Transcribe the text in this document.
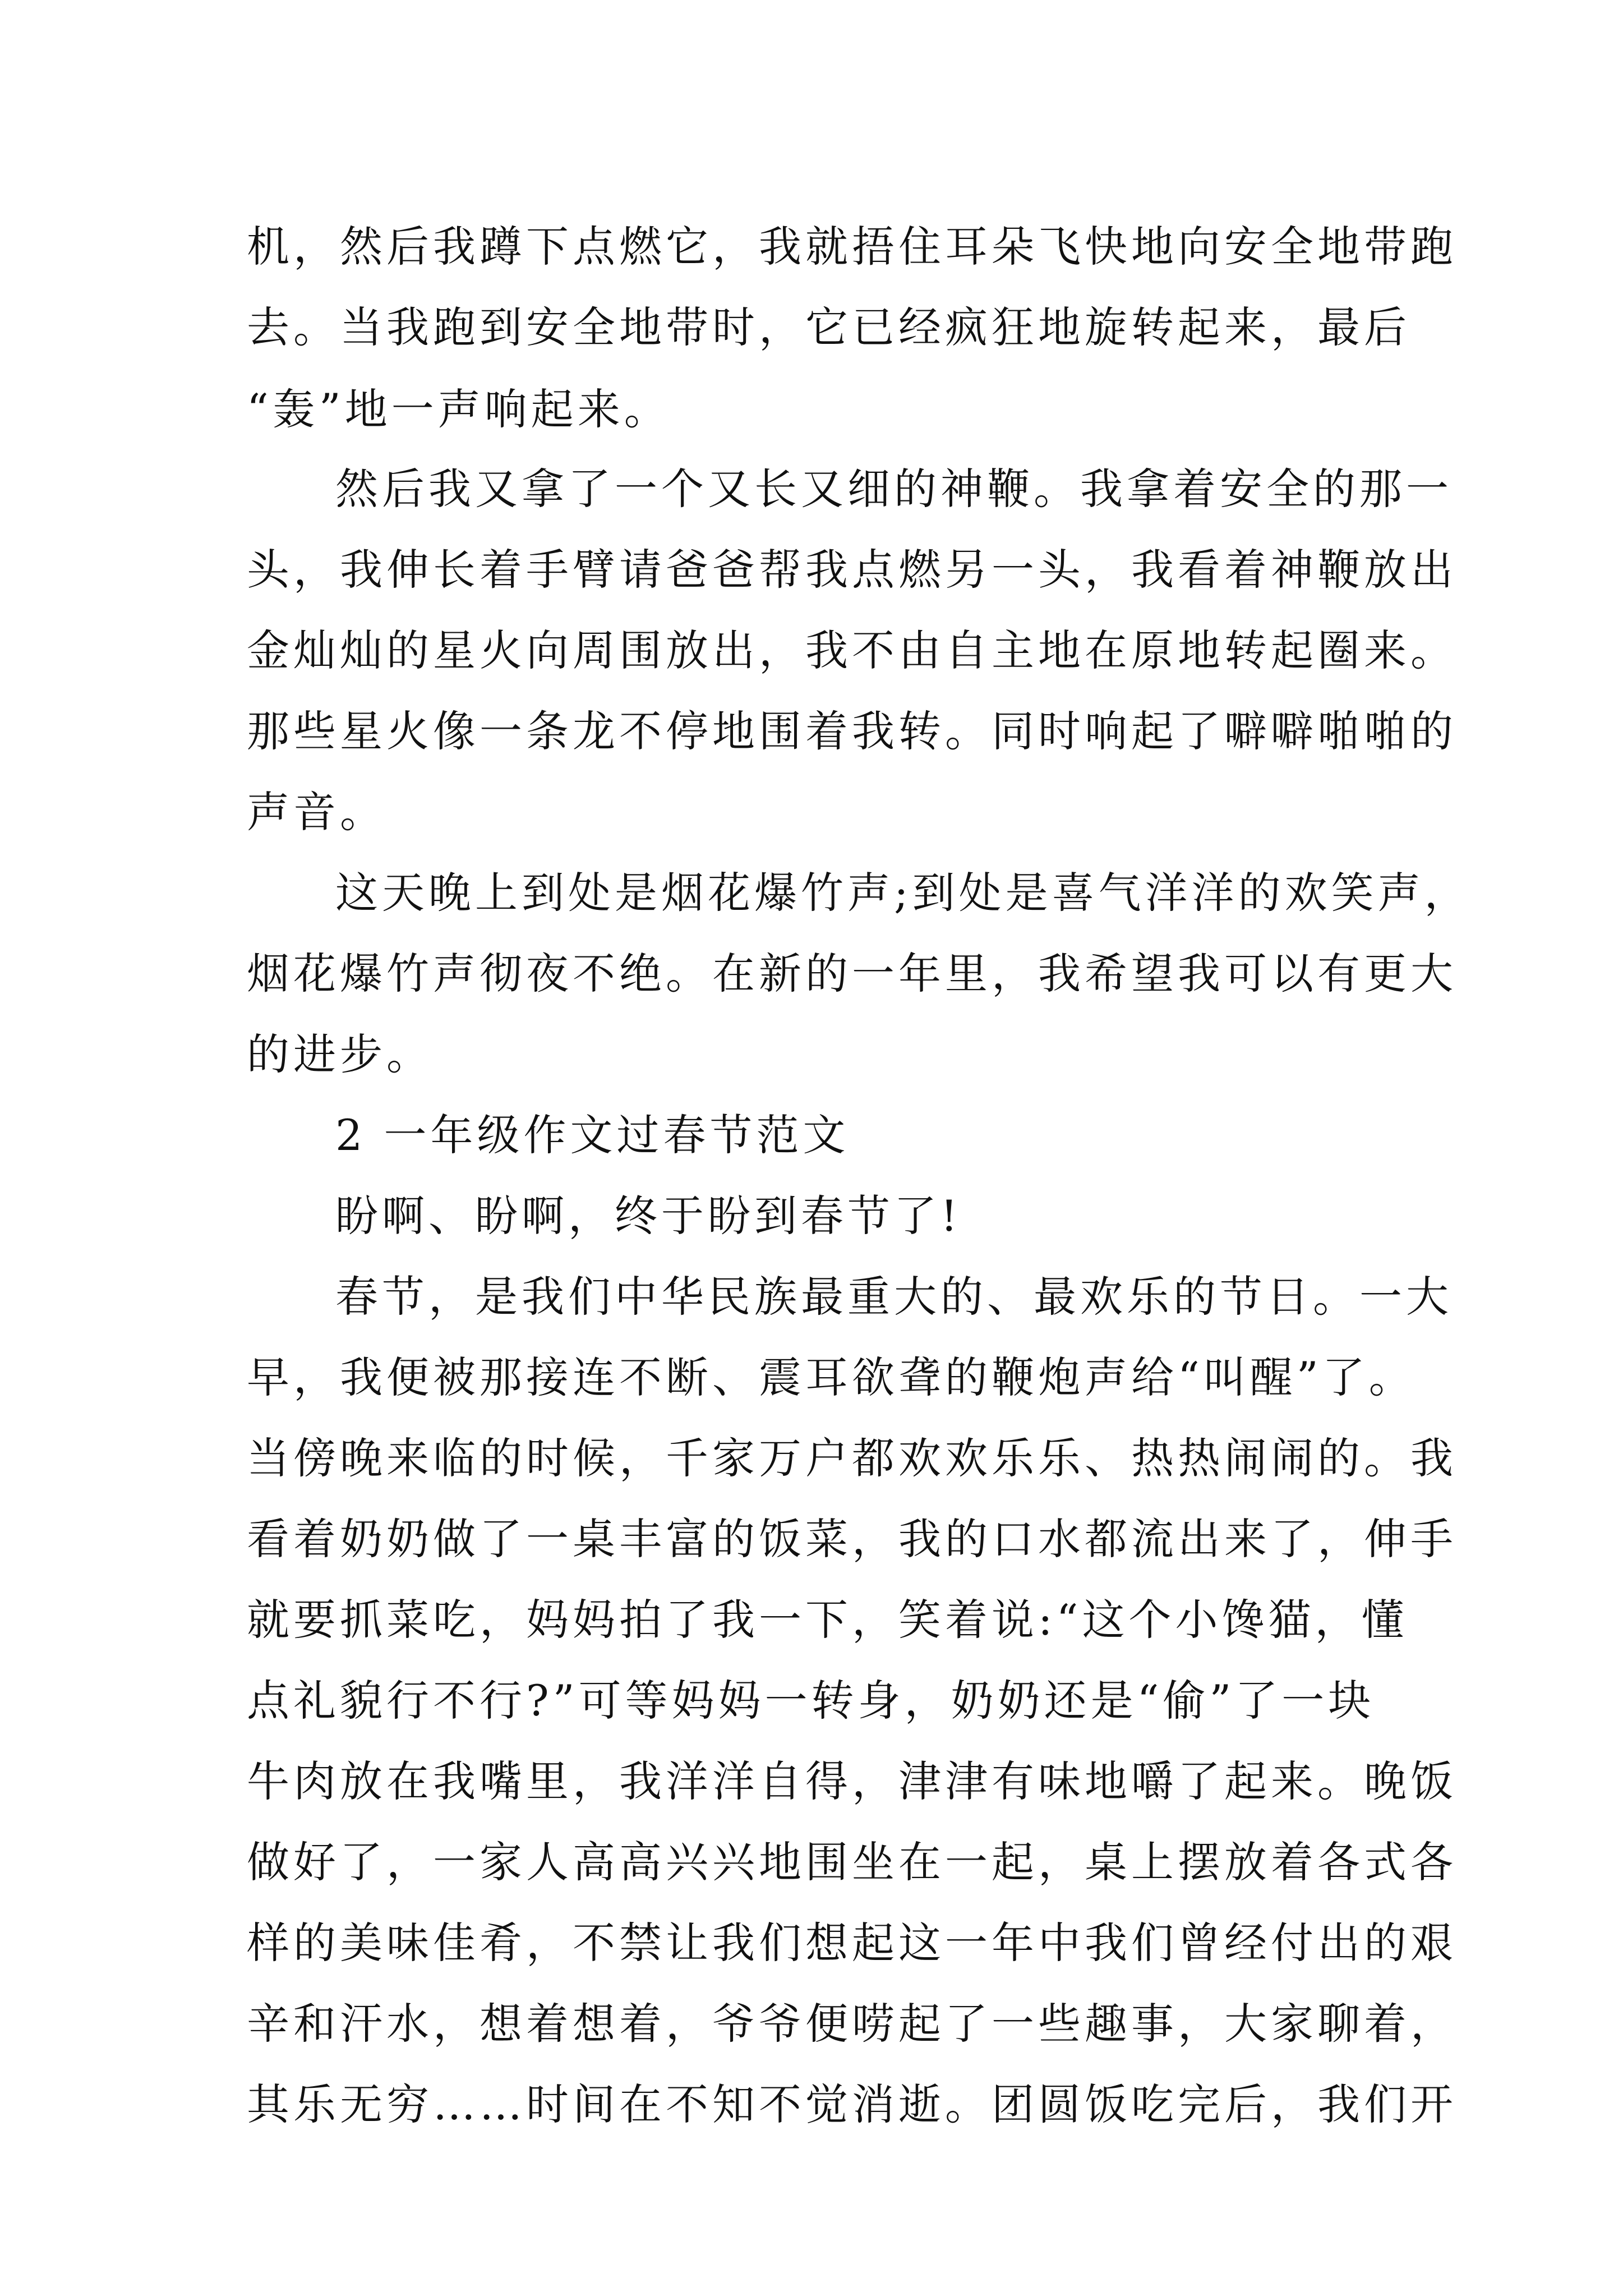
机，然后我蹲下点燃它，我就捂住耳朵飞快地向安全地带跑
去。当我跑到安全地带时，它已经疯狂地旋转起来，最后
“轰”地一声响起来。
然后我又拿了一个又长又细的神鞭。我拿着安全的那一
头，我伸长着手臂请爸爸帮我点燃另一头，我看着神鞭放出
金灿灿的星火向周围放出，我不由自主地在原地转起圈来。
那些星火像一条龙不停地围着我转。同时响起了噼噼啪啪的
声音。
这天晚上到处是烟花爆竹声;到处是喜气洋洋的欢笑声，
烟花爆竹声彻夜不绝。在新的一年里，我希望我可以有更大
的进步。
2 一年级作文过春节范文
盼啊、盼啊，终于盼到春节了!
春节，是我们中华民族最重大的、最欢乐的节日。一大
早，我便被那接连不断、震耳欲聋的鞭炮声给“叫醒”了。
当傍晚来临的时候，千家万户都欢欢乐乐、热热闹闹的。我
看着奶奶做了一桌丰富的饭菜，我的口水都流出来了，伸手
就要抓菜吃，妈妈拍了我一下，笑着说:“这个小馋猫，懂
点礼貌行不行?”可等妈妈一转身，奶奶还是“偷”了一块
牛肉放在我嘴里，我洋洋自得，津津有味地嚼了起来。晚饭
做好了，一家人高高兴兴地围坐在一起，桌上摆放着各式各
样的美味佳肴，不禁让我们想起这一年中我们曾经付出的艰
辛和汗水，想着想着，爷爷便唠起了一些趣事，大家聊着，
其乐无穷……时间在不知不觉消逝。团圆饭吃完后，我们开
